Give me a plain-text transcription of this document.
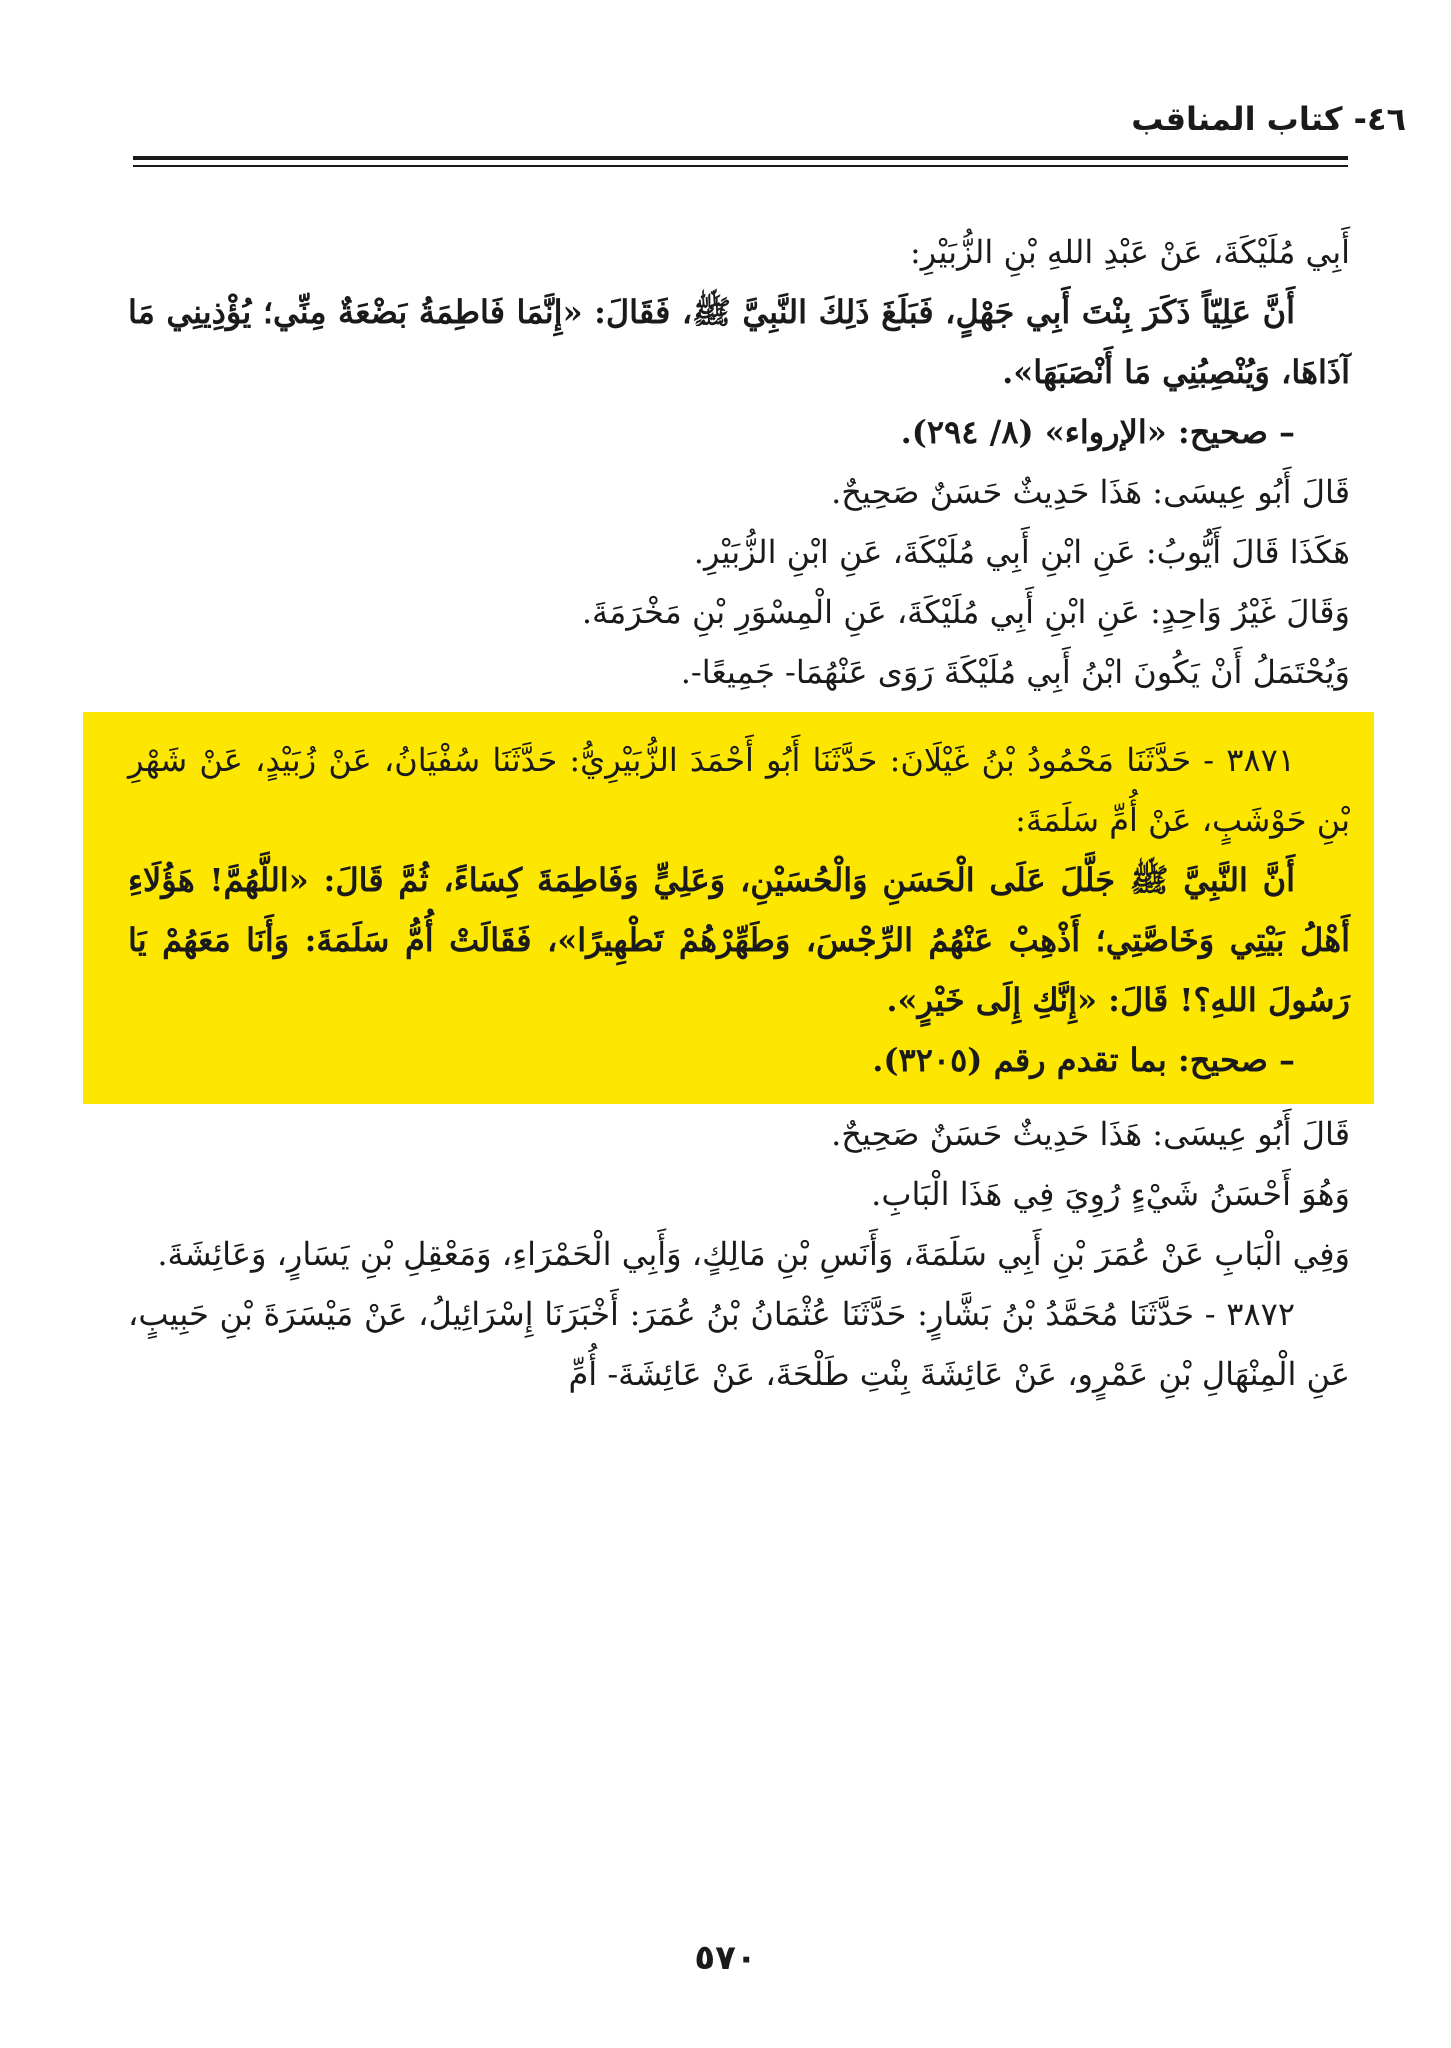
٤٦- كتاب المناقب

أَبِي مُلَيْكَةَ، عَنْ عَبْدِ اللهِ بْنِ الزُّبَيْرِ:

أَنَّ عَلِيّاً ذَكَرَ بِنْتَ أَبِي جَهْلٍ، فَبَلَغَ ذَلِكَ النَّبِيَّ ﷺ، فَقَالَ: «إِنَّمَا فَاطِمَةُ بَضْعَةٌ مِنِّي؛ يُؤْذِينِي مَا آذَاهَا، وَيُنْصِبُنِي مَا أَنْصَبَهَا».

– صحيح: «الإرواء» (٨/ ٢٩٤).

قَالَ أَبُو عِيسَى: هَذَا حَدِيثٌ حَسَنٌ صَحِيحٌ.

هَكَذَا قَالَ أَيُّوبُ: عَنِ ابْنِ أَبِي مُلَيْكَةَ، عَنِ ابْنِ الزُّبَيْرِ.

وَقَالَ غَيْرُ وَاحِدٍ: عَنِ ابْنِ أَبِي مُلَيْكَةَ، عَنِ الْمِسْوَرِ بْنِ مَخْرَمَةَ.

وَيُحْتَمَلُ أَنْ يَكُونَ ابْنُ أَبِي مُلَيْكَةَ رَوَى عَنْهُمَا- جَمِيعًا-.

٣٨٧١ - حَدَّثَنَا مَحْمُودُ بْنُ غَيْلَانَ: حَدَّثَنَا أَبُو أَحْمَدَ الزُّبَيْرِيُّ: حَدَّثَنَا سُفْيَانُ، عَنْ زُبَيْدٍ، عَنْ شَهْرِ بْنِ حَوْشَبٍ، عَنْ أُمِّ سَلَمَةَ:

أَنَّ النَّبِيَّ ﷺ جَلَّلَ عَلَى الْحَسَنِ وَالْحُسَيْنِ، وَعَلِيٍّ وَفَاطِمَةَ كِسَاءً، ثُمَّ قَالَ: «اللَّهُمَّ! هَؤُلَاءِ أَهْلُ بَيْتِي وَخَاصَّتِي؛ أَذْهِبْ عَنْهُمُ الرِّجْسَ، وَطَهِّرْهُمْ تَطْهِيرًا»، فَقَالَتْ أُمُّ سَلَمَةَ: وَأَنَا مَعَهُمْ يَا رَسُولَ اللهِ؟! قَالَ: «إِنَّكِ إِلَى خَيْرٍ».

– صحيح: بما تقدم رقم (٣٢٠٥).

قَالَ أَبُو عِيسَى: هَذَا حَدِيثٌ حَسَنٌ صَحِيحٌ.

وَهُوَ أَحْسَنُ شَيْءٍ رُوِيَ فِي هَذَا الْبَابِ.

وَفِي الْبَابِ عَنْ عُمَرَ بْنِ أَبِي سَلَمَةَ، وَأَنَسِ بْنِ مَالِكٍ، وَأَبِي الْحَمْرَاءِ، وَمَعْقِلِ بْنِ يَسَارٍ، وَعَائِشَةَ.

٣٨٧٢ - حَدَّثَنَا مُحَمَّدُ بْنُ بَشَّارٍ: حَدَّثَنَا عُثْمَانُ بْنُ عُمَرَ: أَخْبَرَنَا إِسْرَائِيلُ، عَنْ مَيْسَرَةَ بْنِ حَبِيبٍ، عَنِ الْمِنْهَالِ بْنِ عَمْرٍو، عَنْ عَائِشَةَ بِنْتِ طَلْحَةَ، عَنْ عَائِشَةَ- أُمِّ

٥٧٠
